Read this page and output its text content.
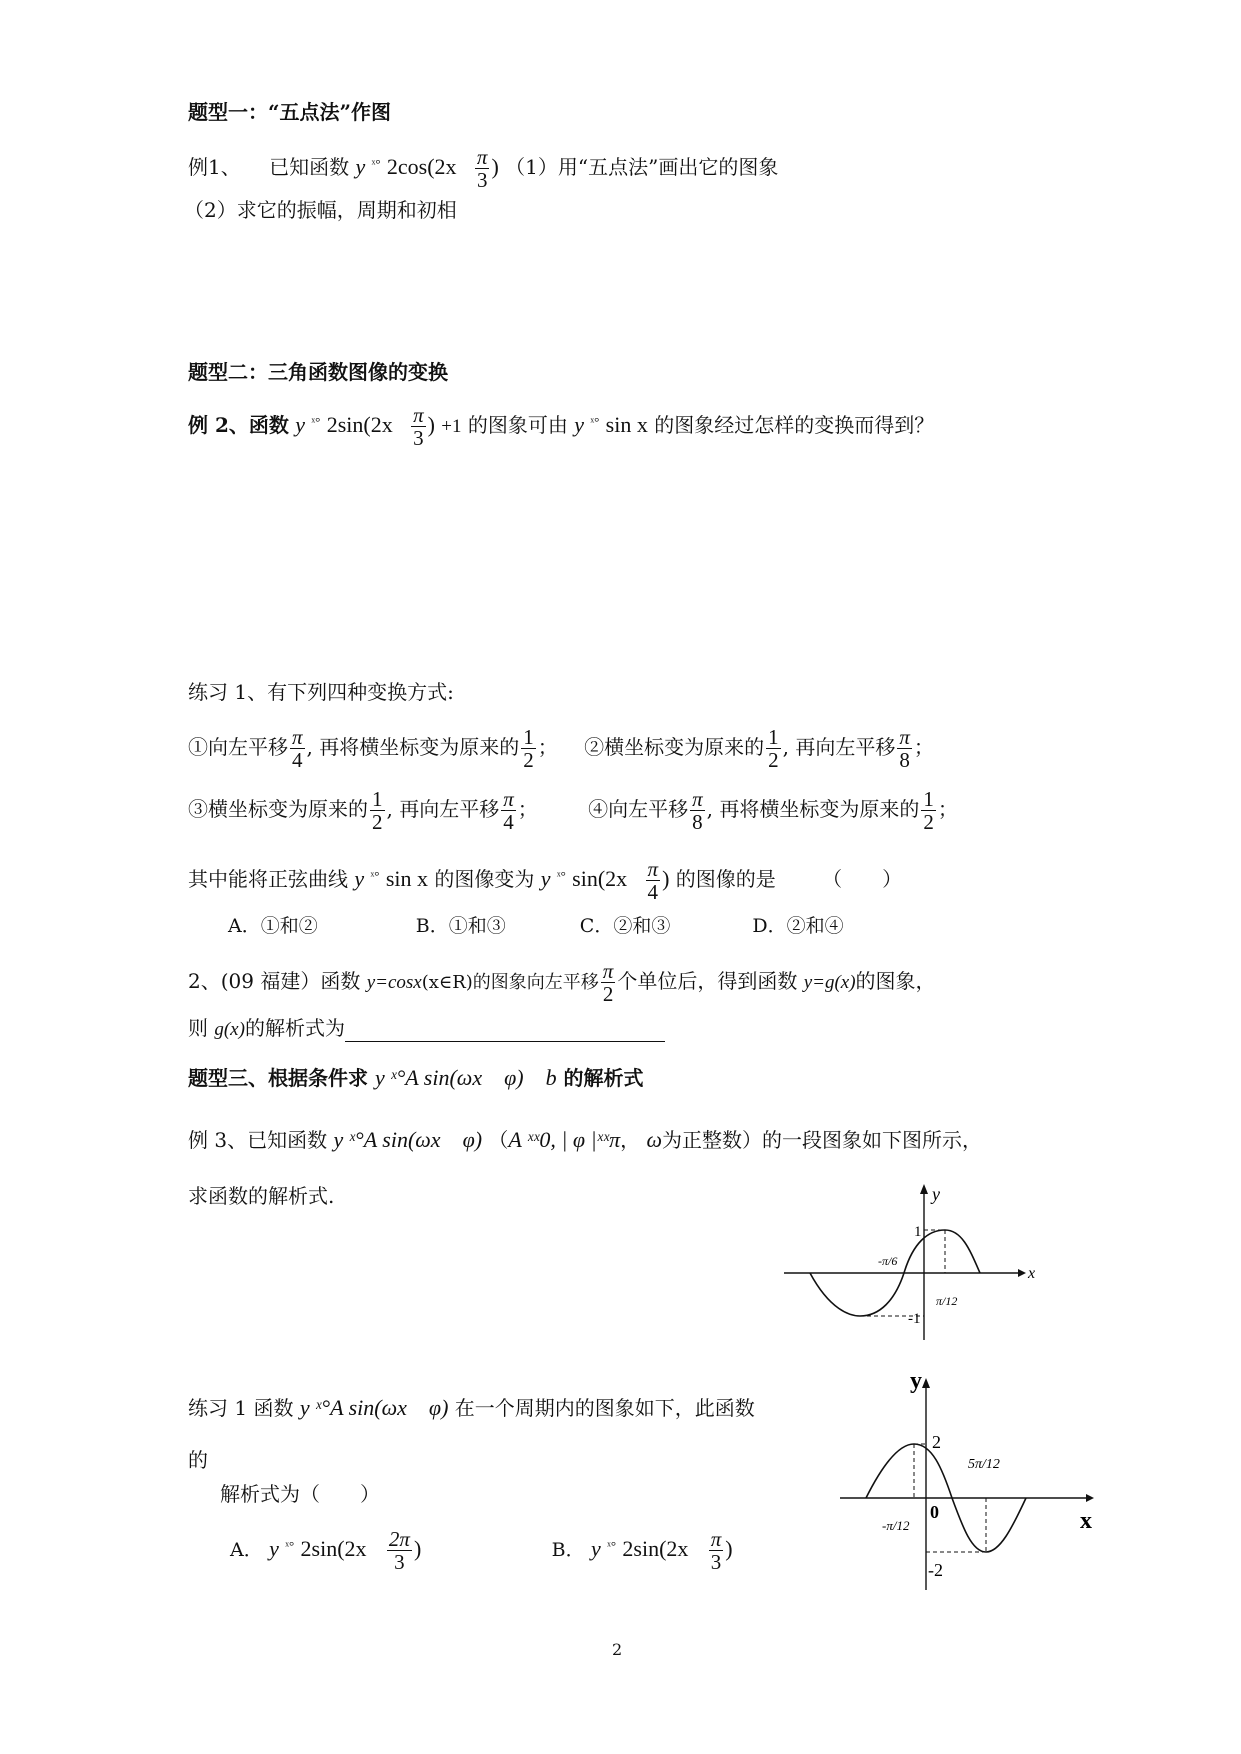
题型一：“五点法”作图
例1、 已知函数 y $^{ˣ^\circ}$ $2\cos(2x \frac{\pi}{3}$ ) （1）用“五点法”画出它的图象
（2）求它的振幅，周期和初相
题型二：三角函数图像的变换
例 2、函数 y $^{ˣ^\circ}$ $2\sin(2x \frac{\pi}{3}$ ) +1 的图象可由 y $^{ˣ^\circ}$ sin x 的图象经过怎样的变换而得到？
练习 1、有下列四种变换方式:
①向左平移 $\frac{\pi}{4}$ , 再将横坐标变为原来的 $\frac{1}{2}$ ； ②横坐标变为原来的 $\frac{1}{2}$ , 再向左平移 $\frac{\pi}{8}$ ；
③横坐标变为原来的 $\frac{1}{2}$ , 再向左平移 $\frac{\pi}{4}$ ；	④向左平移 $\frac{\pi}{8}$ , 再将横坐标变为原来的 $\frac{1}{2}$ ；
其中能将正弦曲线 y $^{ˣ^\circ}$ sin x 的图像变为 y $^{ˣ^\circ}$ $\sin(2x \frac{\pi}{4}$ ) 的图像的是 （　　）
A．①和②	B．①和③	C．②和③	D．②和④
2、(09 福建）函数 y=cosx(x∈R)的图象向左平移 $\frac{\pi}{2}$ 个单位后，得到函数 y=g(x)的图象，
则 g(x)的解析式为
题型三、根据条件求 y ˣ°A sin(ωx　φ)　b 的解析式
例 3、已知函数 y ˣ°A sin(ωx　φ) （A ˣˣ0, | φ |ˣˣπ， ω为正整数）的一段图象如下图所示，
求函数的解析式.	y
x
1
-1
-π/6
π/12
练习 1 函数 y ˣ°A sin(ωx　φ) 在一个周期内的图象如下，此函数
的
解析式为（　　）
A． y $^{ˣ^\circ}$ $2\sin(2x \frac{2\pi}{3}$ )	B． y $^{ˣ^\circ}$ $2\sin(2x \frac{\pi}{3}$ )
y
x
2
-2
0
5π/12
-π/12
2
